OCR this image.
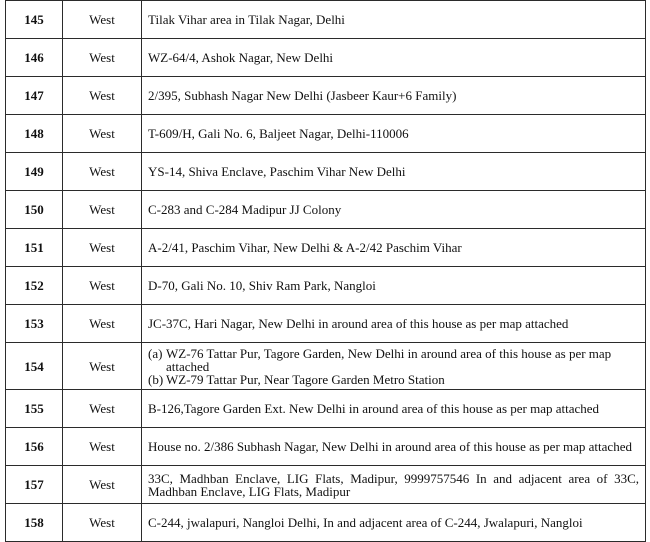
145	West	Tilak Vihar area in Tilak Nagar, Delhi
146	West	WZ-64/4, Ashok Nagar, New Delhi
147	West	2/395, Subhash Nagar New Delhi (Jasbeer Kaur+6 Family)
148	West	T-609/H, Gali No. 6, Baljeet Nagar, Delhi-110006
149	West	YS-14, Shiva Enclave, Paschim Vihar New Delhi
150	West	C-283 and C-284 Madipur JJ Colony
151	West	A-2/41, Paschim Vihar, New Delhi & A-2/42 Paschim Vihar
152	West	D-70, Gali No. 10, Shiv Ram Park, Nangloi
153	West	JC-37C, Hari Nagar, New Delhi in around area of this house as per map attached
154	West	(a) WZ-76 Tattar Pur, Tagore Garden, New Delhi in around area of this house as per map attached
(b) WZ-79 Tattar Pur, Near Tagore Garden Metro Station

155	West	B-126,Tagore Garden Ext. New Delhi in around area of this house as per map attached
156	West	House no. 2/386 Subhash Nagar, New Delhi in around area of this house as per map attached
157	West	33C, Madhban Enclave, LIG Flats, Madipur, 9999757546 In and adjacent area of 33C, Madhban Enclave, LIG Flats, Madipur
158	West	C-244, jwalapuri, Nangloi Delhi, In and adjacent area of C-244, Jwalapuri, Nangloi
